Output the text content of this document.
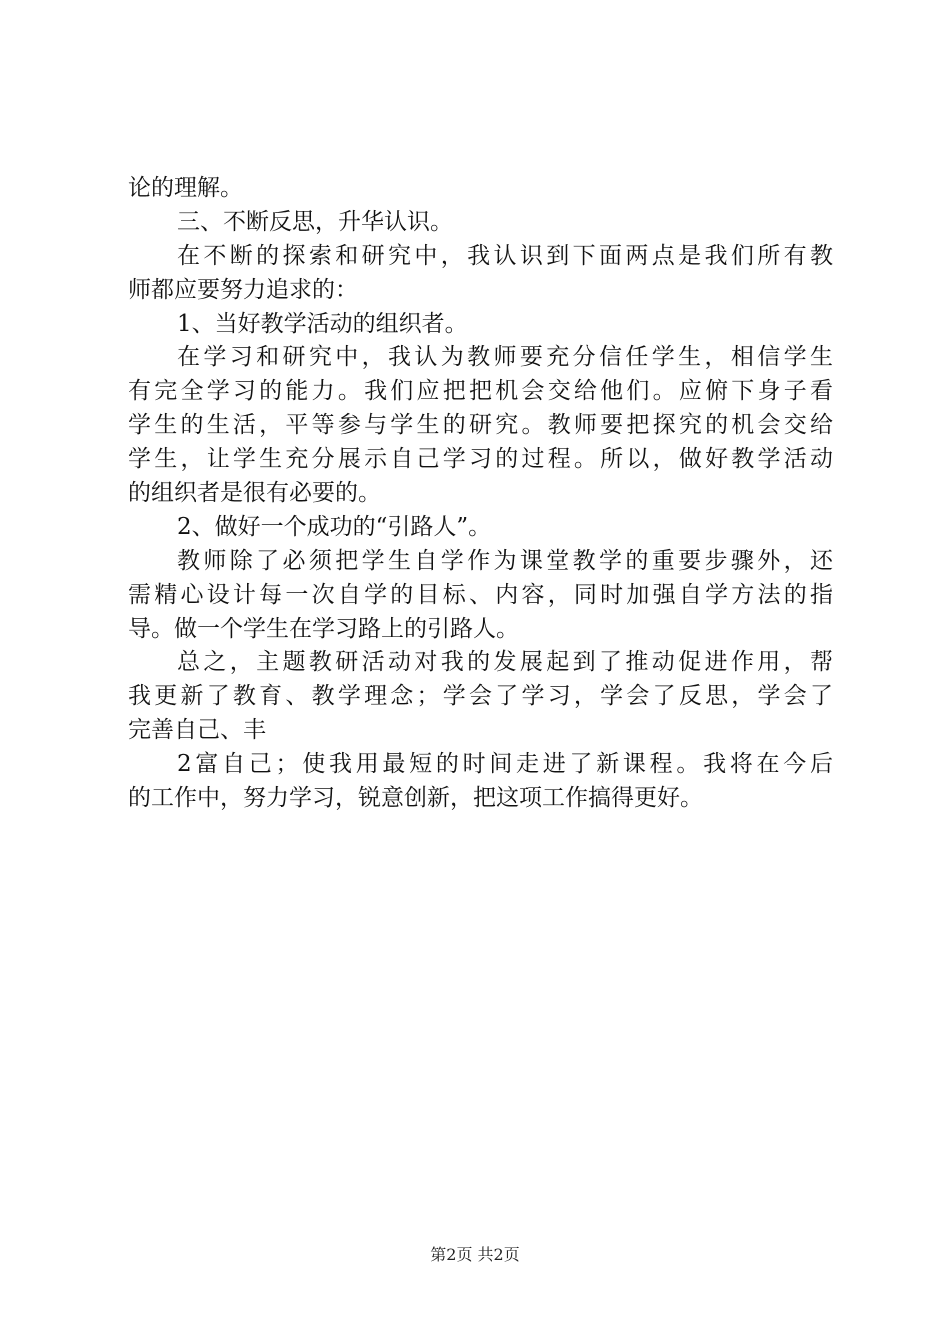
论的理解。
三、不断反思，升华认识。
在不断的探索和研究中，我认识到下面两点是我们所有教
师都应要努力追求的：
1、当好教学活动的组织者。
在学习和研究中，我认为教师要充分信任学生，相信学生
有完全学习的能力。我们应把把机会交给他们。应俯下身子看
学生的生活，平等参与学生的研究。教师要把探究的机会交给
学生，让学生充分展示自己学习的过程。所以，做好教学活动
的组织者是很有必要的。
2、做好一个成功的“引路人”。
教师除了必须把学生自学作为课堂教学的重要步骤外，还
需精心设计每一次自学的目标、内容，同时加强自学方法的指
导。做一个学生在学习路上的引路人。
总之，主题教研活动对我的发展起到了推动促进作用，帮
我更新了教育、教学理念；学会了学习，学会了反思，学会了
完善自己、丰
2富自己；使我用最短的时间走进了新课程。我将在今后
的工作中，努力学习，锐意创新，把这项工作搞得更好。
第2页 共2页
